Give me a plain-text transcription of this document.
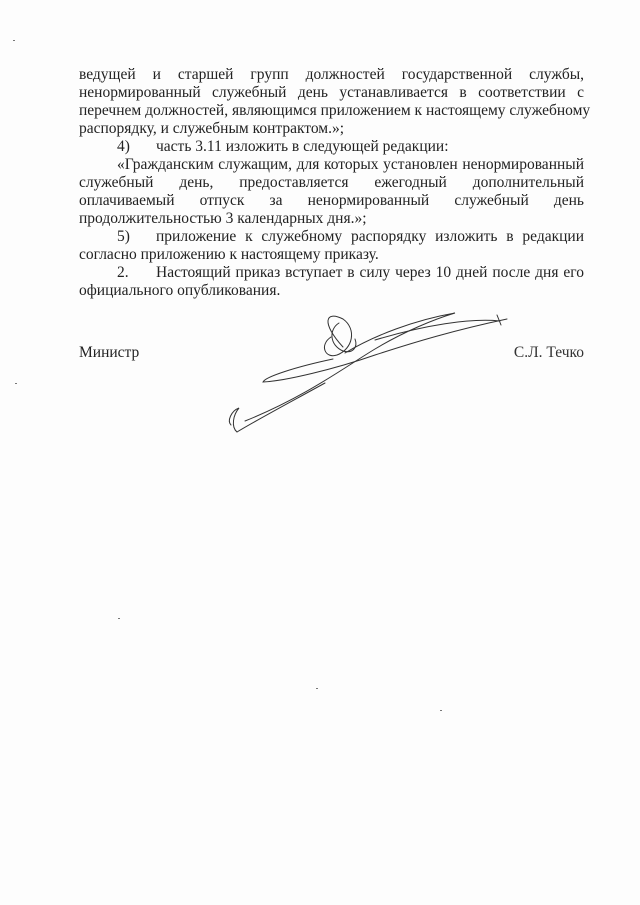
ведущей и старшей групп должностей государственной службы,
ненормированный служебный день устанавливается в соответствии с
перечнем должностей, являющимся приложением к настоящему служебному
распорядку, и служебным контрактом.»;
4) часть 3.11 изложить в следующей редакции:
«Гражданским служащим, для которых установлен ненормированный
служебный день, предоставляется ежегодный дополнительный
оплачиваемый отпуск за ненормированный служебный день
продолжительностью 3 календарных дня.»;
5) приложение к служебному распорядку изложить в редакции
согласно приложению к настоящему приказу.
2. Настоящий приказ вступает в силу через 10 дней после дня его
официального опубликования.
Министр	С.Л. Течко
